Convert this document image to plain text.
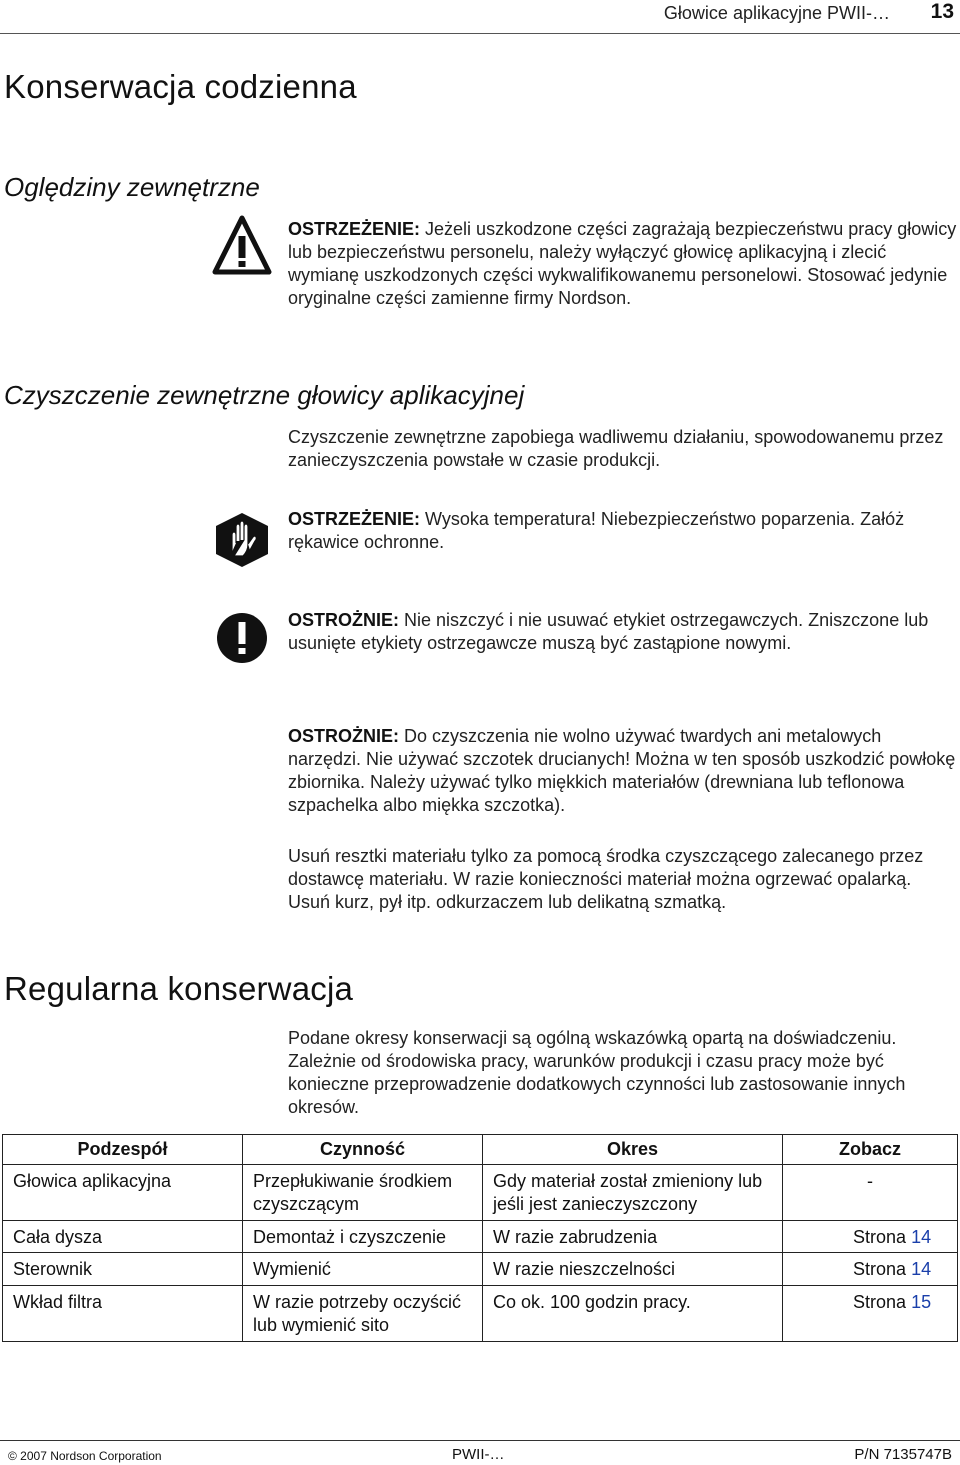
Głowice aplikacyjne PWII-… 13
Konserwacja codzienna
Oględziny zewnętrzne

OSTRZEŻENIE: Jeżeli uszkodzone części zagrażają bezpieczeństwu pracy głowicy lub bezpieczeństwu personelu, należy wyłączyć głowicę aplikacyjną i zlecić wymianę uszkodzonych części wykwalifikowanemu personelowi. Stosować jedynie oryginalne części zamienne firmy Nordson.

Czyszczenie zewnętrzne głowicy aplikacyjnej

Czyszczenie zewnętrzne zapobiega wadliwemu działaniu, spowodowanemu przez zanieczyszczenia powstałe w czasie produkcji.

OSTRZEŻENIE: Wysoka temperatura! Niebezpieczeństwo poparzenia. Załóż rękawice ochronne.

OSTROŻNIE: Nie niszczyć i nie usuwać etykiet ostrzegawczych. Zniszczone lub usunięte etykiety ostrzegawcze muszą być zastąpione nowymi.

OSTROŻNIE: Do czyszczenia nie wolno używać twardych ani metalowych narzędzi. Nie używać szczotek drucianych! Można w ten sposób uszkodzić powłokę zbiornika. Należy używać tylko miękkich materiałów (drewniana lub teflonowa szpachelka albo miękka szczotka).

Usuń resztki materiału tylko za pomocą środka czyszczącego zalecanego przez dostawcę materiału. W razie konieczności materiał można ogrzewać opalarką. Usuń kurz, pył itp. odkurzaczem lub delikatną szmatką.

Regularna konserwacja

Podane okresy konserwacji są ogólną wskazówką opartą na doświadczeniu. Zależnie od środowiska pracy, warunków produkcji i czasu pracy może być konieczne przeprowadzenie dodatkowych czynności lub zastosowanie innych okresów.

Podzespół	Czynność	Okres	Zobacz
Głowica aplikacyjna	Przepłukiwanie środkiem czyszczącym	Gdy materiał został zmieniony lub jeśli jest zanieczyszczony	-
Cała dysza	Demontaż i czyszczenie	W razie zabrudzenia	Strona 14
Sterownik	Wymienić	W razie nieszczelności	Strona 14
Wkład filtra	W razie potrzeby oczyścić lub wymienić sito	Co ok. 100 godzin pracy.	Strona 15
© 2007 Nordson Corporation	PWII-…	P/N 7135747B
